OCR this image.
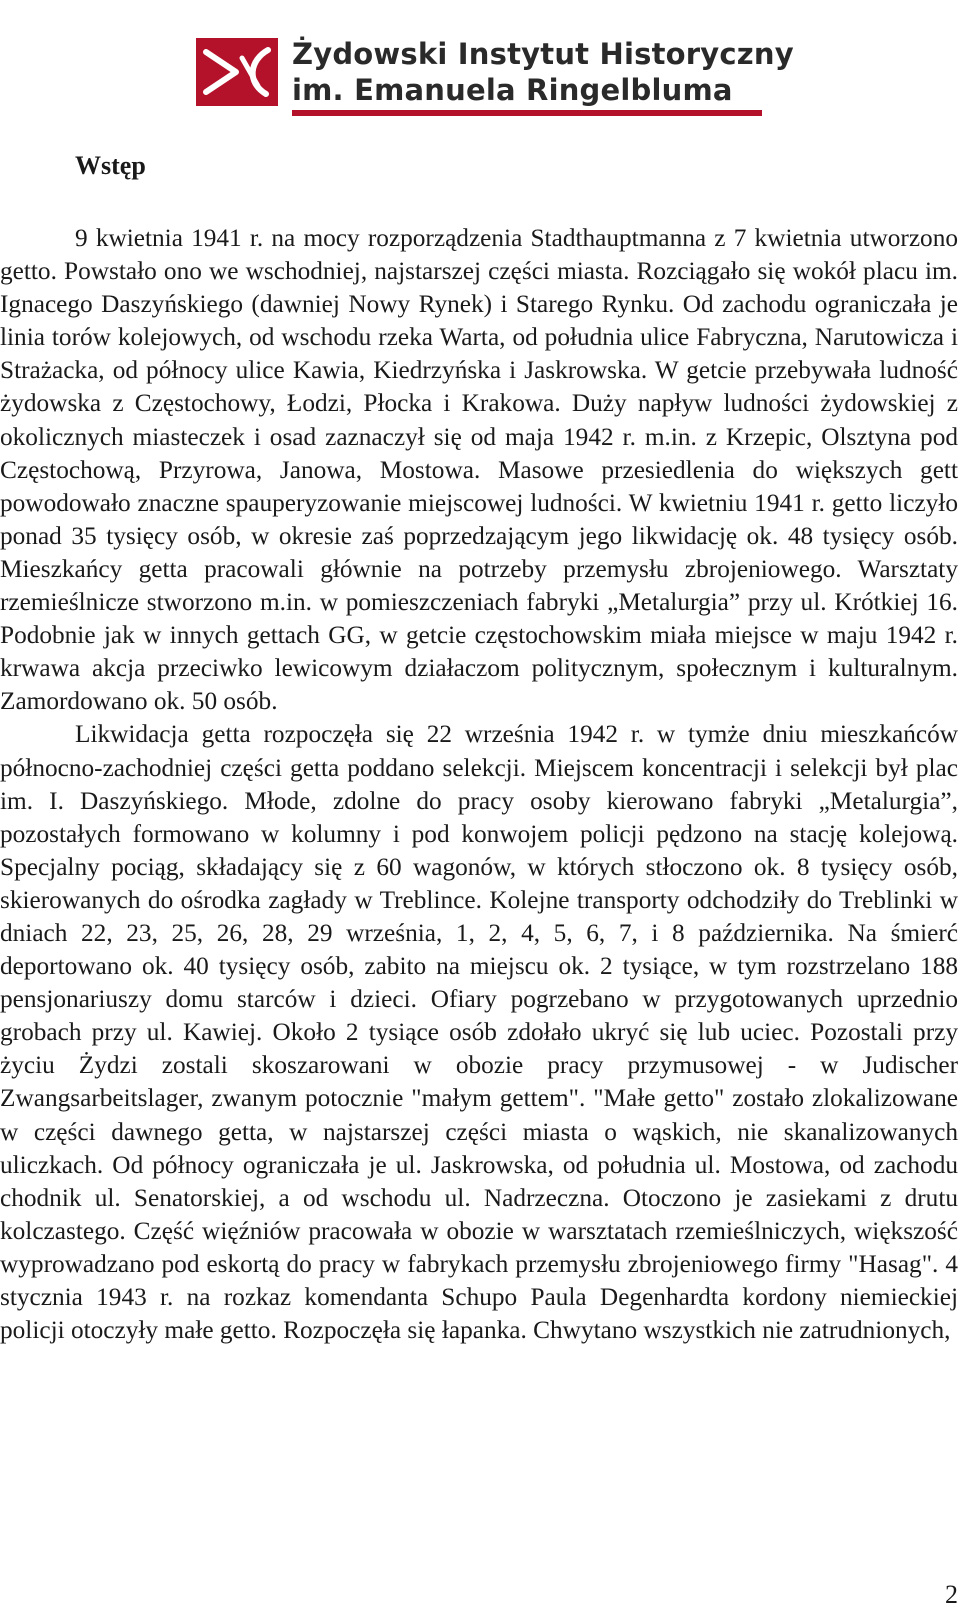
Żydowski Instytut Historyczny
im. Emanuela Ringelbluma
Wstęp

9 kwietnia 1941 r. na mocy rozporządzenia Stadthauptmanna z 7 kwietnia utworzono getto. Powstało ono we wschodniej, najstarszej części miasta. Rozciągało się wokół placu im. Ignacego Daszyńskiego (dawniej Nowy Rynek) i Starego Rynku. Od zachodu ograniczała je linia torów kolejowych, od wschodu rzeka Warta, od południa ulice Fabryczna, Narutowicza i Strażacka, od północy ulice Kawia, Kiedrzyńska i Jaskrowska. W getcie przebywała ludność żydowska z Częstochowy, Łodzi, Płocka i Krakowa. Duży napływ ludności żydowskiej z okolicznych miasteczek i osad zaznaczył się od maja 1942 r. m.in. z Krzepic, Olsztyna pod Częstochową, Przyrowa, Janowa, Mostowa. Masowe przesiedlenia do większych gett powodowało znaczne spauperyzowanie miejscowej ludności. W kwietniu 1941 r. getto liczyło ponad 35 tysięcy osób, w okresie zaś poprzedzającym jego likwidację ok. 48 tysięcy osób. Mieszkańcy getta pracowali głównie na potrzeby przemysłu zbrojeniowego. Warsztaty rzemieślnicze stworzono m.in. w pomieszczeniach fabryki „Metalurgia” przy ul. Krótkiej 16. Podobnie jak w innych gettach GG, w getcie częstochowskim miała miejsce w maju 1942 r. krwawa akcja przeciwko lewicowym działaczom politycznym, społecznym i kulturalnym. Zamordowano ok. 50 osób.

Likwidacja getta rozpoczęła się 22 września 1942 r. w tymże dniu mieszkańców północno-zachodniej części getta poddano selekcji. Miejscem koncentracji i selekcji był plac im. I. Daszyńskiego. Młode, zdolne do pracy osoby kierowano fabryki „Metalurgia”, pozostałych formowano w kolumny i pod konwojem policji pędzono na stację kolejową. Specjalny pociąg, składający się z 60 wagonów, w których stłoczono ok. 8 tysięcy osób, skierowanych do ośrodka zagłady w Treblince. Kolejne transporty odchodziły do Treblinki w dniach 22, 23, 25, 26, 28, 29 września, 1, 2, 4, 5, 6, 7, i 8 października. Na śmierć deportowano ok. 40 tysięcy osób, zabito na miejscu ok. 2 tysiące, w tym rozstrzelano 188 pensjonariuszy domu starców i dzieci. Ofiary pogrzebano w przygotowanych uprzednio grobach przy ul. Kawiej. Około 2 tysiące osób zdołało ukryć się lub uciec. Pozostali przy życiu Żydzi zostali skoszarowani w obozie pracy przymusowej - w Judischer Zwangsarbeitslager, zwanym potocznie "małym gettem". "Małe getto" zostało zlokalizowane w części dawnego getta, w najstarszej części miasta o wąskich, nie skanalizowanych uliczkach. Od północy ograniczała je ul. Jaskrowska, od południa ul. Mostowa, od zachodu chodnik ul. Senatorskiej, a od wschodu ul. Nadrzeczna. Otoczono je zasiekami z drutu kolczastego. Część więźniów pracowała w obozie w warsztatach rzemieślniczych, większość wyprowadzano pod eskortą do pracy w fabrykach przemysłu zbrojeniowego firmy "Hasag". 4 stycznia 1943 r. na rozkaz komendanta Schupo Paula Degenhardta kordony niemieckiej policji otoczyły małe getto. Rozpoczęła się łapanka. Chwytano wszystkich nie zatrudnionych,

2
